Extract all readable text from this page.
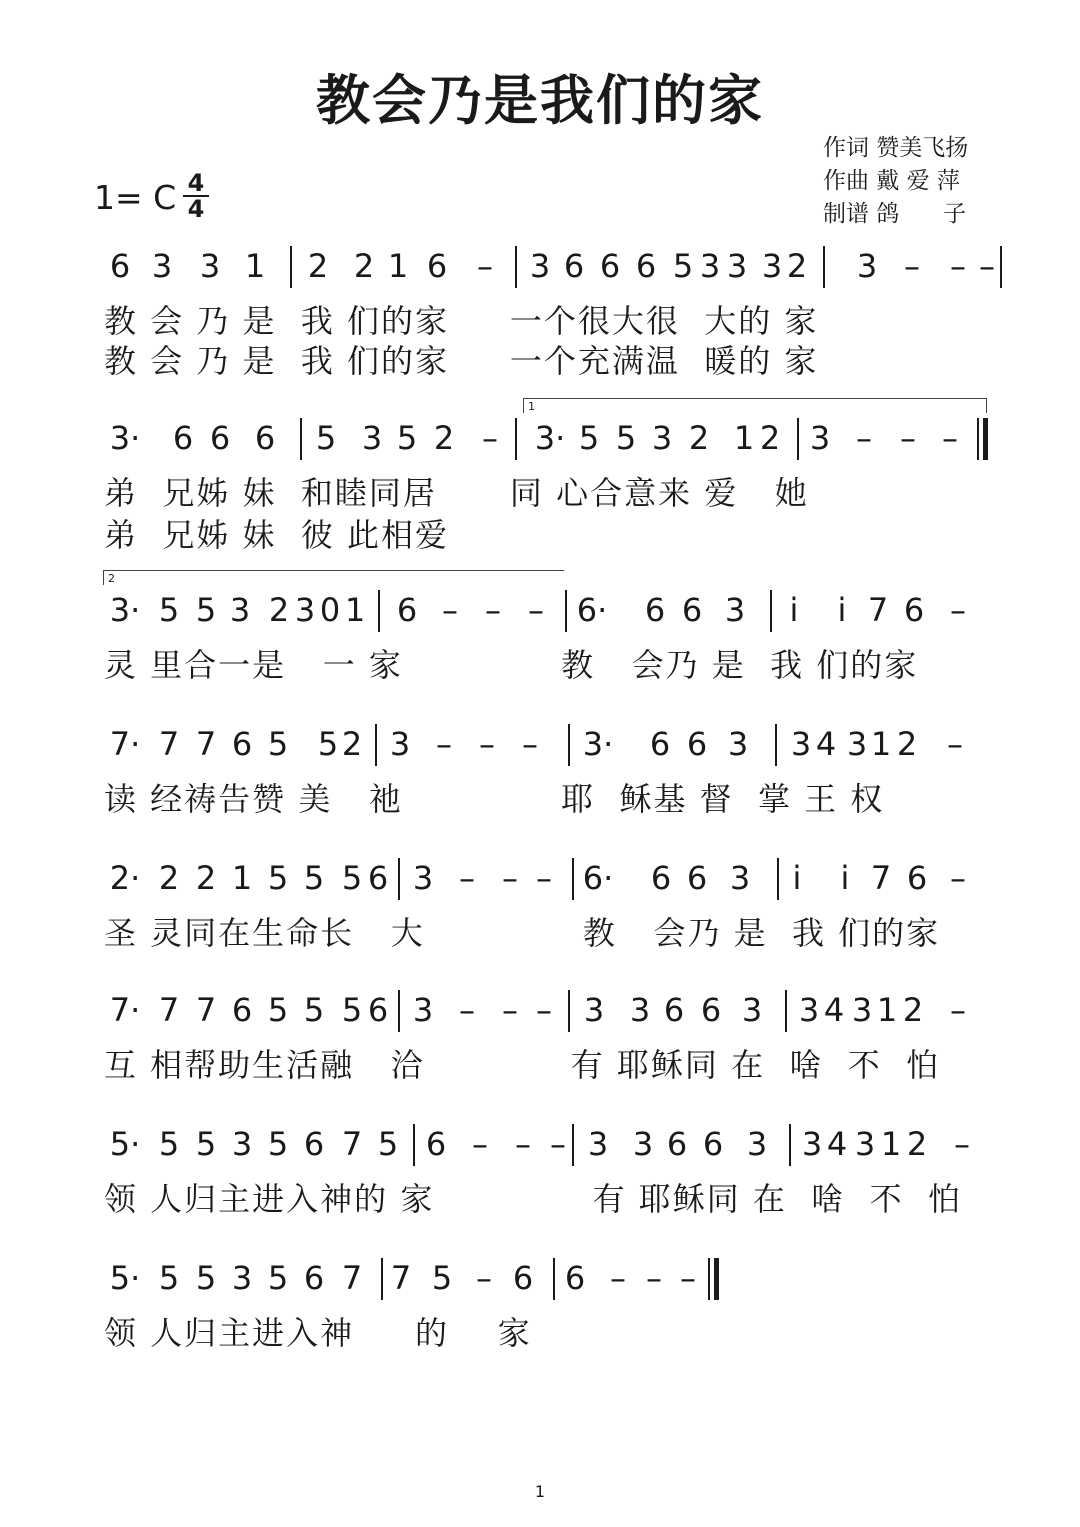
教会乃是我们的家
作词 赞美飞扬
作曲 戴 爱 萍
制谱 鸽      子
1= C 4
4
6 3 3 1 2 2 1 6 – 3 6 6 6 5 3 3 3 2 3 – – –
教 会 乃 是  我 们的家     一个很大很  大的 家
教 会 乃 是  我 们的家     一个充满温  暖的 家
3· 6 6 6 5 3 5 2 – 3· 5 5 3 2 1 2 3 – – –
1
弟  兄姊 妹  和睦同居      同 心合意来 爱   她
弟  兄姊 妹  彼 此相爱
3· 5 5 3 2 3 0 1 6 – – – 6· 6 6 3 i i 7 6 –
2
灵 里合一是   一 家             教   会乃 是  我 们的家
7· 7 7 6 5 5 2 3 – – – 3· 6 6 3 3 4 3 1 2 –
读 经祷告赞 美   祂             耶  稣基 督  掌 王 权
2· 2 2 1 5 5 5 6 3 – – – 6· 6 6 3 i i 7 6 –
圣 灵同在生命长   大             教   会乃 是  我 们的家
7· 7 7 6 5 5 5 6 3 – – – 3 3 6 6 3 3 4 3 1 2 –
互 相帮助生活融   洽            有 耶稣同 在  啥  不  怕
5· 5 5 3 5 6 7 5 6 – – – 3 3 6 6 3 3 4 3 1 2 –
领 人归主进入神的 家             有 耶稣同 在  啥  不  怕
5· 5 5 3 5 6 7 7 5 – 6 6 – – –
领 人归主进入神     的    家
1
